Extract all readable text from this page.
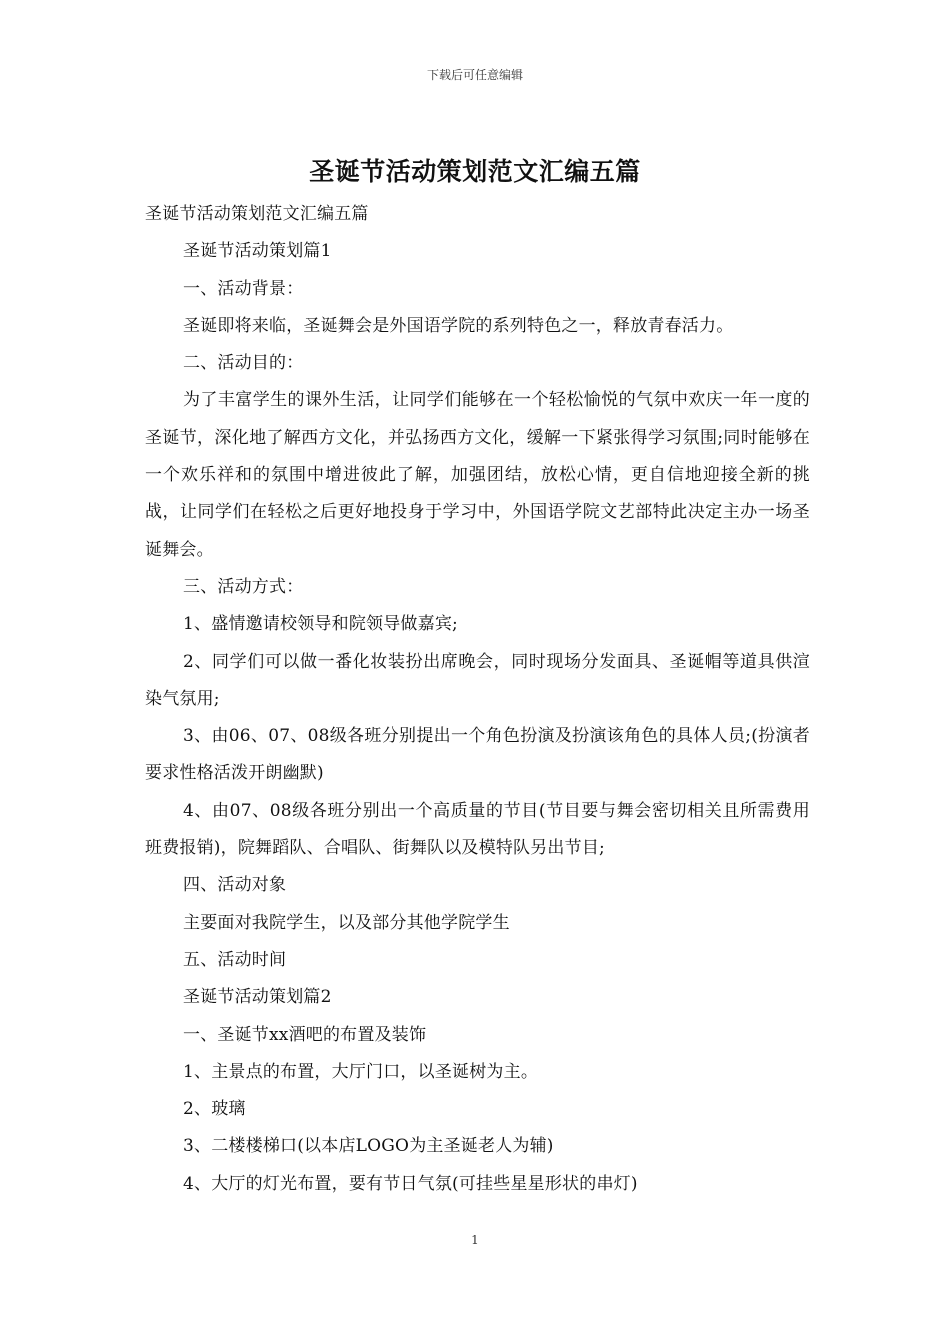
下载后可任意编辑
圣诞节活动策划范文汇编五篇

圣诞节活动策划范文汇编五篇

圣诞节活动策划篇1

一、活动背景：

圣诞即将来临，圣诞舞会是外国语学院的系列特色之一，释放青春活力。

二、活动目的：

为了丰富学生的课外生活，让同学们能够在一个轻松愉悦的气氛中欢庆一年一度的圣诞节，深化地了解西方文化，并弘扬西方文化，缓解一下紧张得学习氛围;同时能够在一个欢乐祥和的氛围中增进彼此了解，加强团结，放松心情，更自信地迎接全新的挑战，让同学们在轻松之后更好地投身于学习中，外国语学院文艺部特此决定主办一场圣诞舞会。

三、活动方式：

1、盛情邀请校领导和院领导做嘉宾;

2、同学们可以做一番化妆装扮出席晚会，同时现场分发面具、圣诞帽等道具供渲染气氛用;

3、由06、07、08级各班分别提出一个角色扮演及扮演该角色的具体人员;(扮演者要求性格活泼开朗幽默)

4、由07、08级各班分别出一个高质量的节目(节目要与舞会密切相关且所需费用班费报销)，院舞蹈队、合唱队、街舞队以及模特队另出节目;

四、活动对象

主要面对我院学生，以及部分其他学院学生

五、活动时间

圣诞节活动策划篇2

一、圣诞节xx酒吧的布置及装饰

1、主景点的布置，大厅门口，以圣诞树为主。

2、玻璃

3、二楼楼梯口(以本店LOGO为主圣诞老人为辅)

4、大厅的灯光布置，要有节日气氛(可挂些星星形状的串灯)

1
